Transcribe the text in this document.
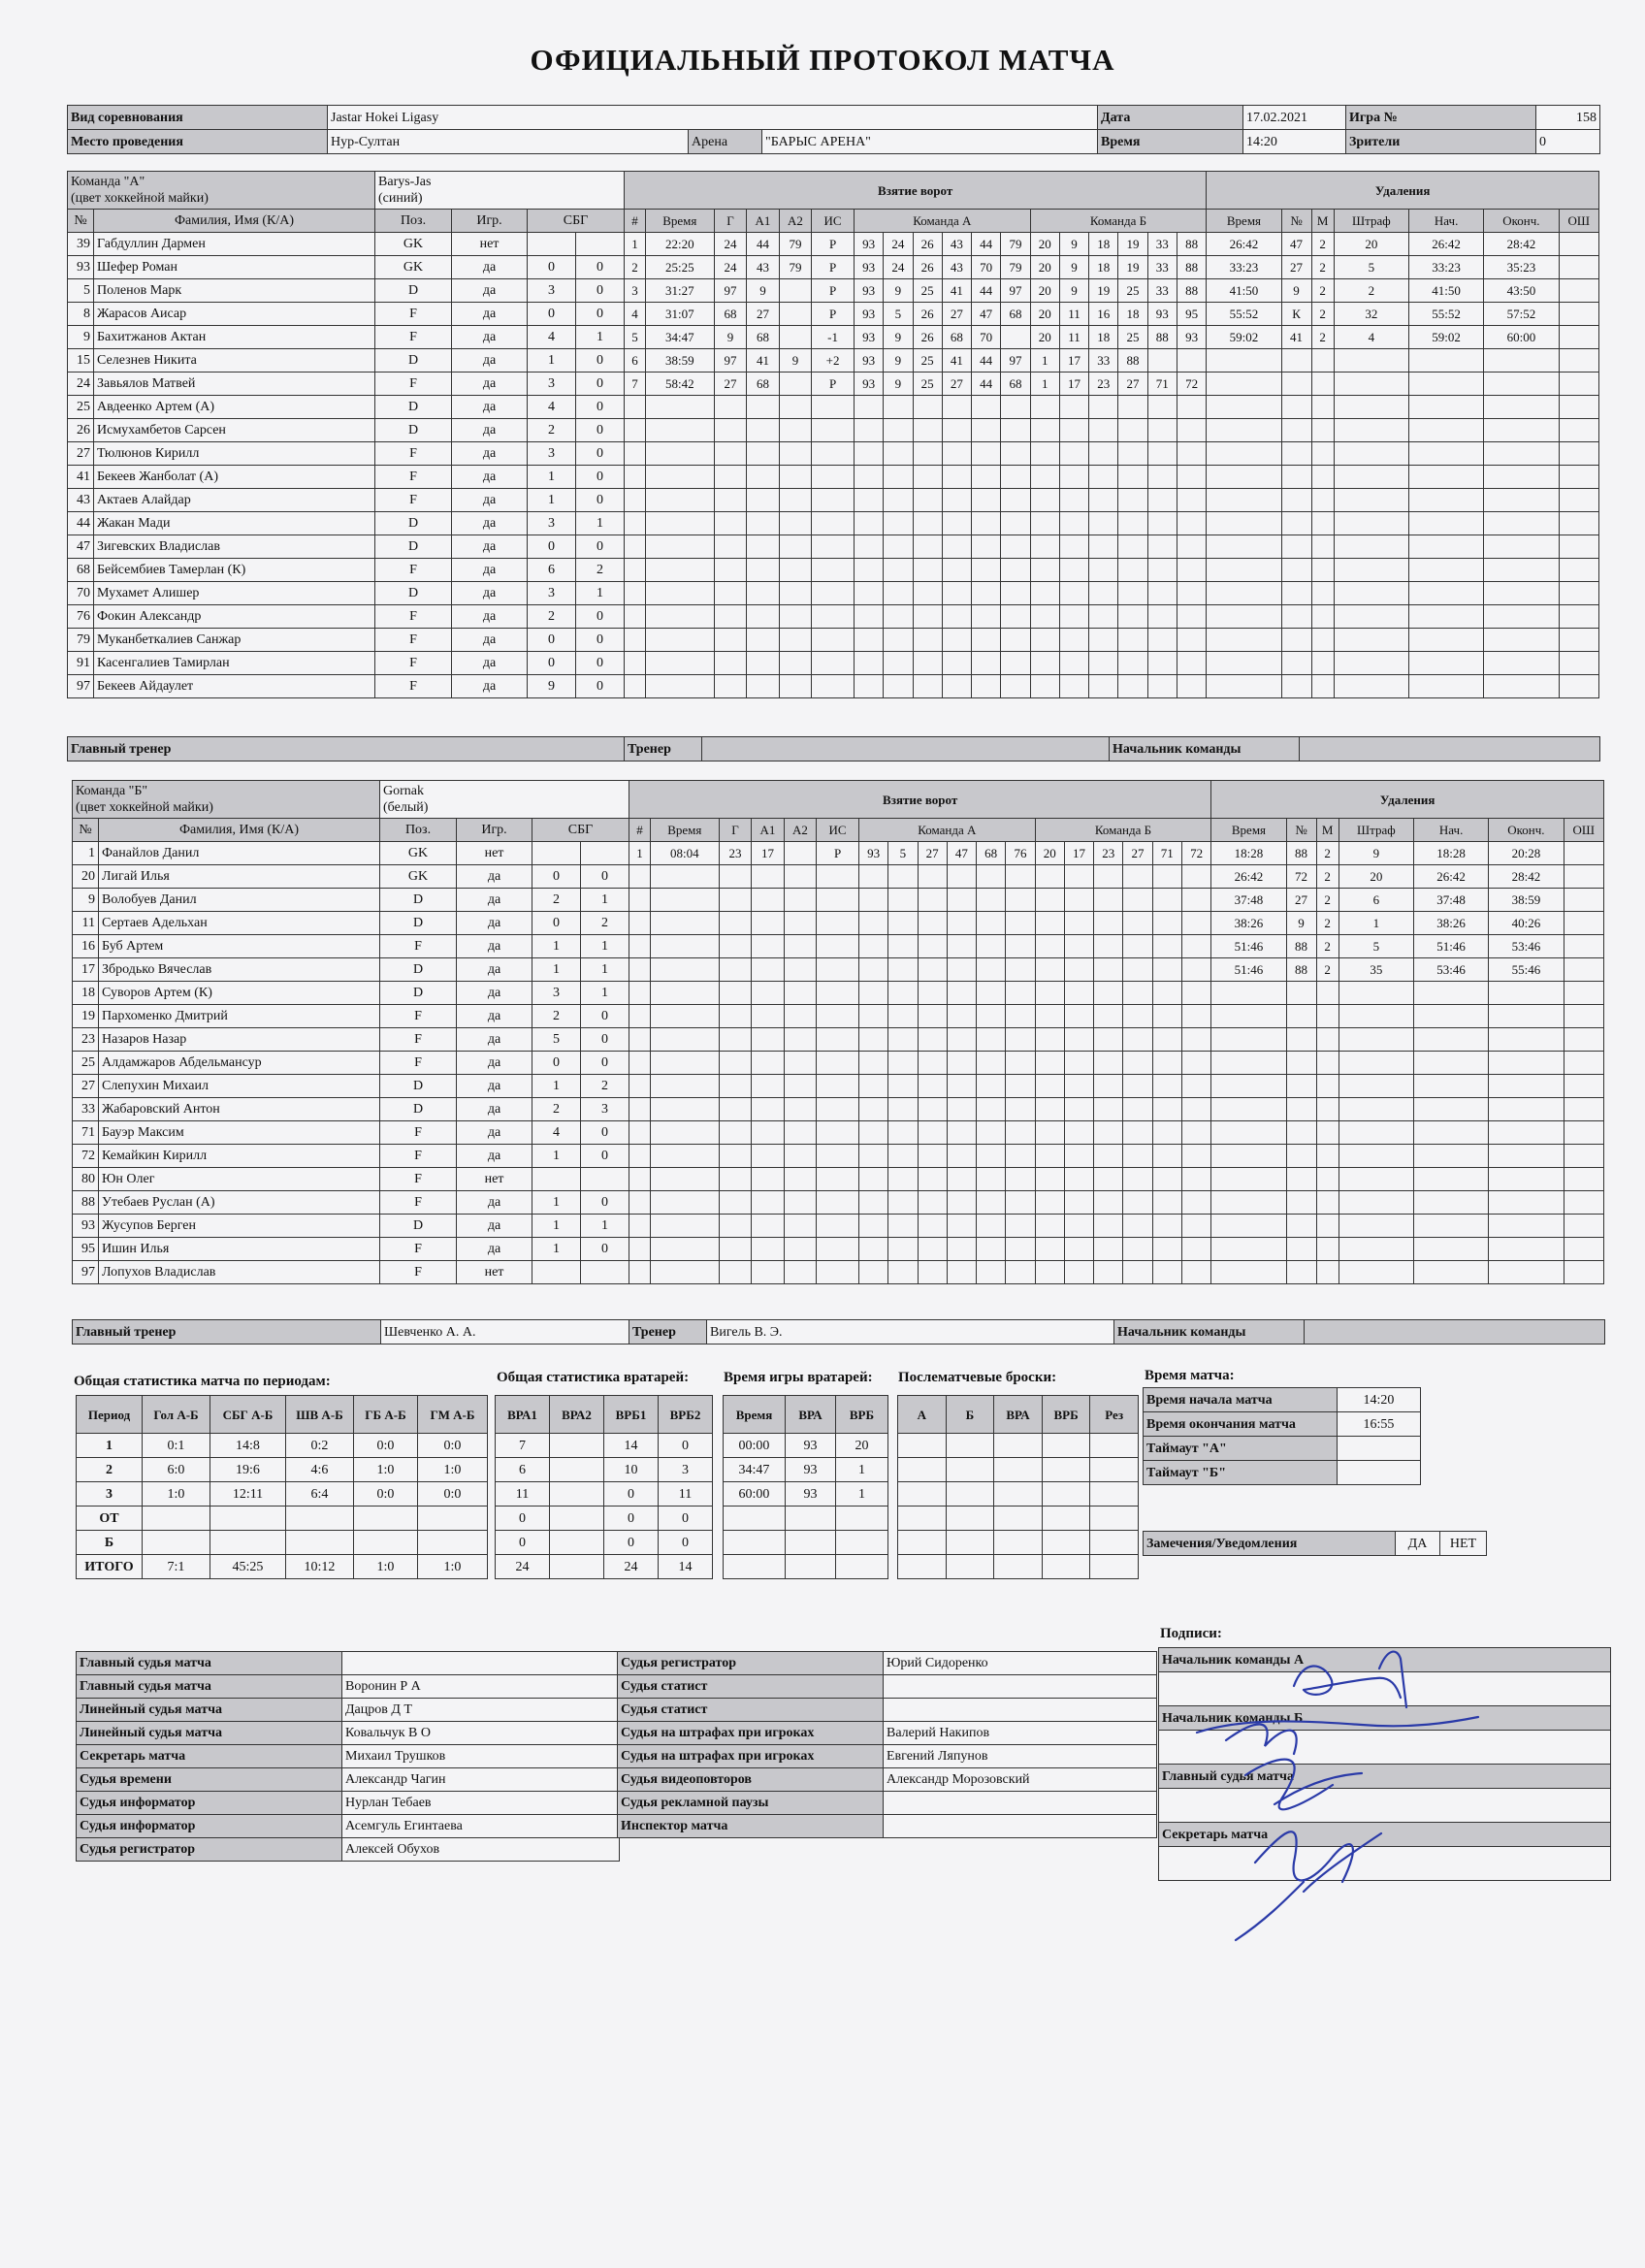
ОФИЦИАЛЬНЫЙ ПРОТОКОЛ МАТЧА
Вид соревнования	Jastar Hokei Ligasy			Дата	17.02.2021	Игра №	158
Место проведения	Нур-Султан	Арена	"БАРЫС АРЕНА"	Время	14:20	Зрители	0
Команда "А"
(цвет хоккейной майки)		Barys-Jas
(синий)			
№	Фамилия, Имя (К/А)	Поз.	Игр.	СБГ	
39	Габдуллин Дармен	GK	нет		
93	Шефер Роман	GK	да	0	0
5	Поленов Марк	D	да	3	0
8	Жарасов Аисар	F	да	0	0
9	Бахитжанов Актан	F	да	4	1
15	Селезнев Никита	D	да	1	0
24	Завьялов Матвей	F	да	3	0
25	Авдеенко Артем (А)	D	да	4	0
26	Исмухамбетов Сарсен	D	да	2	0
27	Тюлюнов Кирилл	F	да	3	0
41	Бекеев Жанболат (А)	F	да	1	0
43	Актаев Алайдар	F	да	1	0
44	Жакан Мади	D	да	3	1
47	Зигевских Владислав	D	да	0	0
68	Бейсембиев Тамерлан (К)	F	да	6	2
70	Мухамет Алишер	D	да	3	1
76	Фокин Александр	F	да	2	0
79	Муканбеткалиев Санжар	F	да	0	0
91	Касенгалиев Тамирлан	F	да	0	0
97	Бекеев Айдаулет	F	да	9	0
Взятие ворот																		Удаления						
#	Время	Г	А1	А2	ИС	Команда А						Команда Б						Время	№	М	Штраф	Нач.	Оконч.	ОШ
1	22:20	24	44	79	Р	93	24	26	43	44	79	20	9	18	19	33	88	26:42	47	2	20	26:42	28:42	
2	25:25	24	43	79	Р	93	24	26	43	70	79	20	9	18	19	33	88	33:23	27	2	5	33:23	35:23	
3	31:27	97	9		Р	93	9	25	41	44	97	20	9	19	25	33	88	41:50	9	2	2	41:50	43:50	
4	31:07	68	27		Р	93	5	26	27	47	68	20	11	16	18	93	95	55:52	К	2	32	55:52	57:52	
5	34:47	9	68		-1	93	9	26	68	70		20	11	18	25	88	93	59:02	41	2	4	59:02	60:00	
6	38:59	97	41	9	+2	93	9	25	41	44	97	1	17	33	88									
7	58:42	27	68		Р	93	9	25	27	44	68	1	17	23	27	71	72							

Главный тренер	Тренер		Начальник команды	
Команда "Б"
(цвет хоккейной майки)		Gornak
(белый)			
№	Фамилия, Имя (К/А)	Поз.	Игр.	СБГ	
1	Фанайлов Данил	GK	нет		
20	Лигай Илья	GK	да	0	0
9	Волобуев Данил	D	да	2	1
11	Сертаев Адельхан	D	да	0	2
16	Буб Артем	F	да	1	1
17	Збродько Вячеслав	D	да	1	1
18	Суворов Артем (К)	D	да	3	1
19	Пархоменко Дмитрий	F	да	2	0
23	Назаров Назар	F	да	5	0
25	Алдамжаров Абдельмансур	F	да	0	0
27	Слепухин Михаил	D	да	1	2
33	Жабаровский Антон	D	да	2	3
71	Бауэр Максим	F	да	4	0
72	Кемайкин Кирилл	F	да	1	0
80	Юн Олег	F	нет		
88	Утебаев Руслан (А)	F	да	1	0
93	Жусупов Берген	D	да	1	1
95	Ишин Илья	F	да	1	0
97	Лопухов Владислав	F	нет		
Взятие ворот																		Удаления						
#	Время	Г	А1	А2	ИС	Команда А						Команда Б						Время	№	М	Штраф	Нач.	Оконч.	ОШ
1	08:04	23	17		Р	93	5	27	47	68	76	20	17	23	27	71	72	18:28	88	2	9	18:28	20:28	
																		26:42	72	2	20	26:42	28:42	
																		37:48	27	2	6	37:48	38:59	
																		38:26	9	2	1	38:26	40:26	
																		51:46	88	2	5	51:46	53:46	
																		51:46	88	2	35	53:46	55:46	

Главный тренер	Шевченко А. А.	Тренер	Вигель В. Э.	Начальник команды	
Общая статистика матча по периодам:	Общая статистика вратарей: Время игры вратарей: Послематчевые броски:	Время матча:
Период	Гол А-Б	СБГ А-Б	ШВ А-Б	ГБ А-Б	ГМ А-Б
1	0:1	14:8	0:2	0:0	0:0
2	6:0	19:6	4:6	1:0	1:0
3	1:0	12:11	6:4	0:0	0:0
ОТ					
Б					
ИТОГО	7:1	45:25	10:12	1:0	1:0
ВРА1	ВРА2	ВРБ1	ВРБ2
7		14	0
6		10	3
11		0	11
0		0	0
0		0	0
24		24	14
Время	ВРА	ВРБ
00:00	93	20
34:47	93	1
60:00	93	1

А	Б	ВРА	ВРБ	Рез

Время начала матча	14:20
Время окончания матча	16:55
Таймаут "А"	
Таймаут "Б"	
Замечения/Уведомления	ДА	НЕТ
Главный судья матча	
Главный судья матча	Воронин Р А
Линейный судья матча	Дацров Д Т
Линейный судья матча	Ковальчук В О
Секретарь матча	Михаил Трушков
Судья времени	Александр Чагин
Судья информатор	Нурлан Тебаев
Судья информатор	Асемгуль Егинтаева
Судья регистратор	Алексей Обухов
Судья регистратор	Юрий Сидоренко
Судья статист	
Судья статист	
Судья на штрафах при игроках	Валерий Накипов
Судья на штрафах при игроках	Евгений Ляпунов
Судья видеоповторов	Александр Морозовский
Судья рекламной паузы	
Инспектор матча	
Подписи:
Начальник команды А

Начальник команды Б

Главный судья матча

Секретарь матча
